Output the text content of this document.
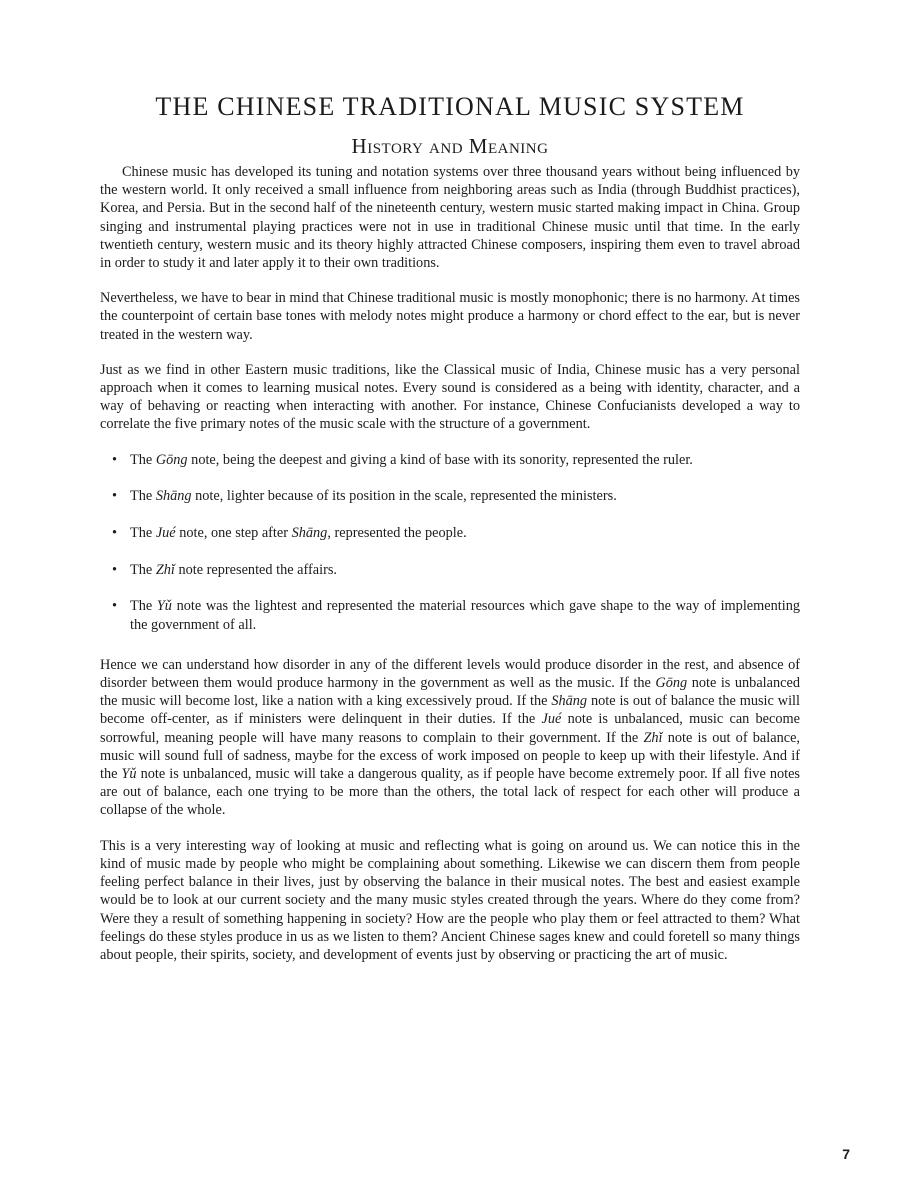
THE CHINESE TRADITIONAL MUSIC SYSTEM
History and Meaning

Chinese music has developed its tuning and notation systems over three thousand years without being influenced by the western world. It only received a small influence from neighboring areas such as India (through Buddhist practices), Korea, and Persia. But in the second half of the nineteenth century, western music started making impact in China. Group singing and instrumental playing practices were not in use in traditional Chinese music until that time. In the early twentieth century, western music and its theory highly attracted Chinese composers, inspiring them even to travel abroad in order to study it and later apply it to their own traditions.

Nevertheless, we have to bear in mind that Chinese traditional music is mostly monophonic; there is no harmony. At times the counterpoint of certain base tones with melody notes might produce a harmony or chord effect to the ear, but is never treated in the western way.

Just as we find in other Eastern music traditions, like the Classical music of India, Chinese music has a very personal approach when it comes to learning musical notes. Every sound is considered as a being with identity, character, and a way of behaving or reacting when interacting with another. For instance, Chinese Confucianists developed a way to correlate the five primary notes of the music scale with the structure of a government.

• The Gōng note, being the deepest and giving a kind of base with its sonority, represented the ruler.
• The Shāng note, lighter because of its position in the scale, represented the ministers.
• The Jué note, one step after Shāng, represented the people.
• The Zhǐ note represented the affairs.
• The Yǔ note was the lightest and represented the material resources which gave shape to the way of implementing the government of all.

Hence we can understand how disorder in any of the different levels would produce disorder in the rest, and absence of disorder between them would produce harmony in the government as well as the music. If the Gōng note is unbalanced the music will become lost, like a nation with a king excessively proud. If the Shāng note is out of balance the music will become off-center, as if ministers were delinquent in their duties. If the Jué note is unbalanced, music can become sorrowful, meaning people will have many reasons to complain to their government. If the Zhǐ note is out of balance, music will sound full of sadness, maybe for the excess of work imposed on people to keep up with their lifestyle. And if the Yǔ note is unbalanced, music will take a dangerous quality, as if people have become extremely poor. If all five notes are out of balance, each one trying to be more than the others, the total lack of respect for each other will produce a collapse of the whole.

This is a very interesting way of looking at music and reflecting what is going on around us. We can notice this in the kind of music made by people who might be complaining about something. Likewise we can discern them from people feeling perfect balance in their lives, just by observing the balance in their musical notes. The best and easiest example would be to look at our current society and the many music styles created through the years. Where do they come from? Were they a result of something happening in society? How are the people who play them or feel attracted to them? What feelings do these styles produce in us as we listen to them? Ancient Chinese sages knew and could foretell so many things about people, their spirits, society, and development of events just by observing or practicing the art of music.

7
